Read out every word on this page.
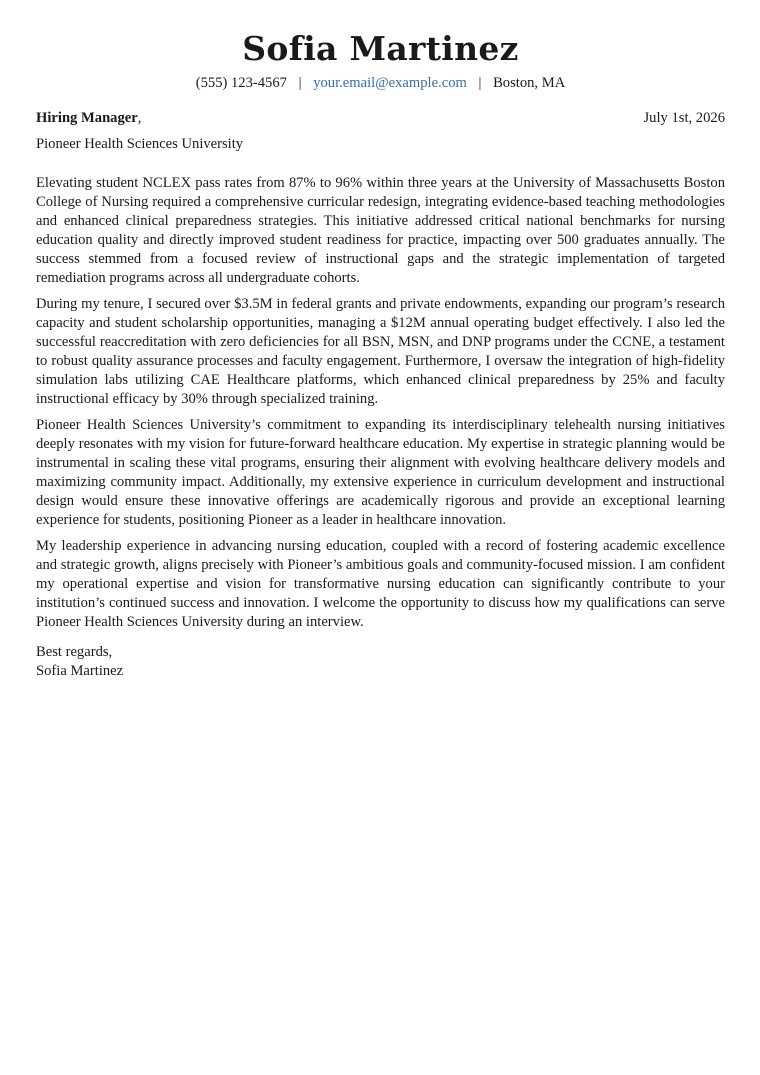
Sofia Martinez
(555) 123-4567 | your.email@example.com | Boston, MA
Hiring Manager,	July 1st, 2026
Pioneer Health Sciences University

Elevating student NCLEX pass rates from 87% to 96% within three years at the University of Massachusetts Boston College of Nursing required a comprehensive curricular redesign, integrating evidence-based teaching methodologies and enhanced clinical preparedness strategies. This initiative addressed critical national benchmarks for nursing education quality and directly improved student readiness for practice, impacting over 500 graduates annually. The success stemmed from a focused review of instructional gaps and the strategic implementation of targeted remediation programs across all undergraduate cohorts.

During my tenure, I secured over $3.5M in federal grants and private endowments, expanding our program’s research capacity and student scholarship opportunities, managing a $12M annual operating budget effectively. I also led the successful reaccreditation with zero deficiencies for all BSN, MSN, and DNP programs under the CCNE, a testament to robust quality assurance processes and faculty engagement. Furthermore, I oversaw the integration of high-fidelity simulation labs utilizing CAE Healthcare platforms, which enhanced clinical preparedness by 25% and faculty instructional efficacy by 30% through specialized training.

Pioneer Health Sciences University’s commitment to expanding its interdisciplinary telehealth nursing initiatives deeply resonates with my vision for future-forward healthcare education. My expertise in strategic planning would be instrumental in scaling these vital programs, ensuring their alignment with evolving healthcare delivery models and maximizing community impact. Additionally, my extensive experience in curriculum development and instructional design would ensure these innovative offerings are academically rigorous and provide an exceptional learning experience for students, positioning Pioneer as a leader in healthcare innovation.

My leadership experience in advancing nursing education, coupled with a record of fostering academic excellence and strategic growth, aligns precisely with Pioneer’s ambitious goals and community-focused mission. I am confident my operational expertise and vision for transformative nursing education can significantly contribute to your institution’s continued success and innovation. I welcome the opportunity to discuss how my qualifications can serve Pioneer Health Sciences University during an interview.

Best regards,
Sofia Martinez
